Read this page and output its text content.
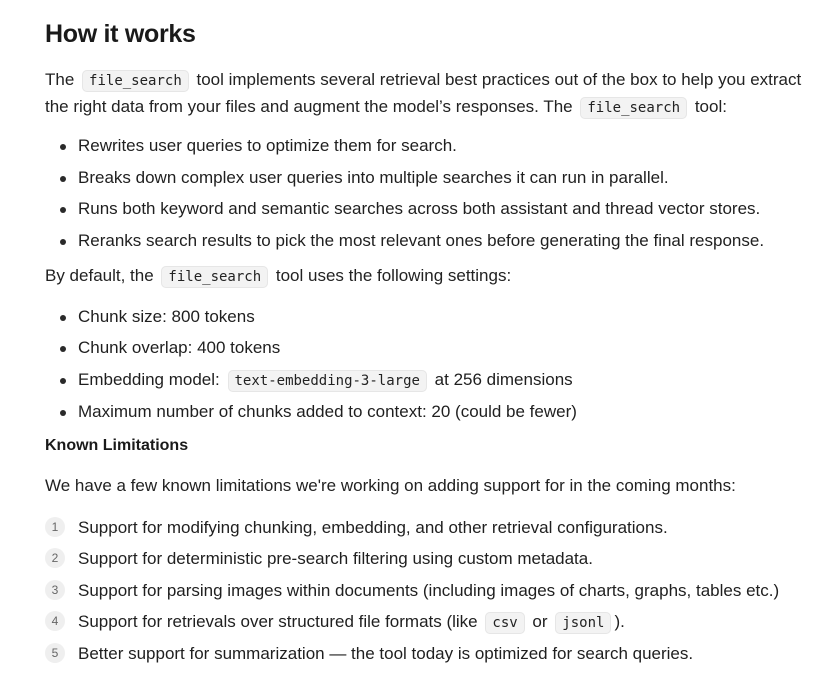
How it works

The file_search tool implements several retrieval best practices out of the box to help you extract the right data from your files and augment the model’s responses. The file_search tool:

Rewrites user queries to optimize them for search.
Breaks down complex user queries into multiple searches it can run in parallel.
Runs both keyword and semantic searches across both assistant and thread vector stores.
Reranks search results to pick the most relevant ones before generating the final response.

By default, the file_search tool uses the following settings:

Chunk size: 800 tokens
Chunk overlap: 400 tokens
Embedding model: text-embedding-3-large at 256 dimensions
Maximum number of chunks added to context: 20 (could be fewer)
Known Limitations

We have a few known limitations we're working on adding support for in the coming months:

1	Support for modifying chunking, embedding, and other retrieval configurations.
2	Support for deterministic pre-search filtering using custom metadata.
3	Support for parsing images within documents (including images of charts, graphs, tables etc.)
4	Support for retrievals over structured file formats (like csv or jsonl ).
5	Better support for summarization — the tool today is optimized for search queries.
